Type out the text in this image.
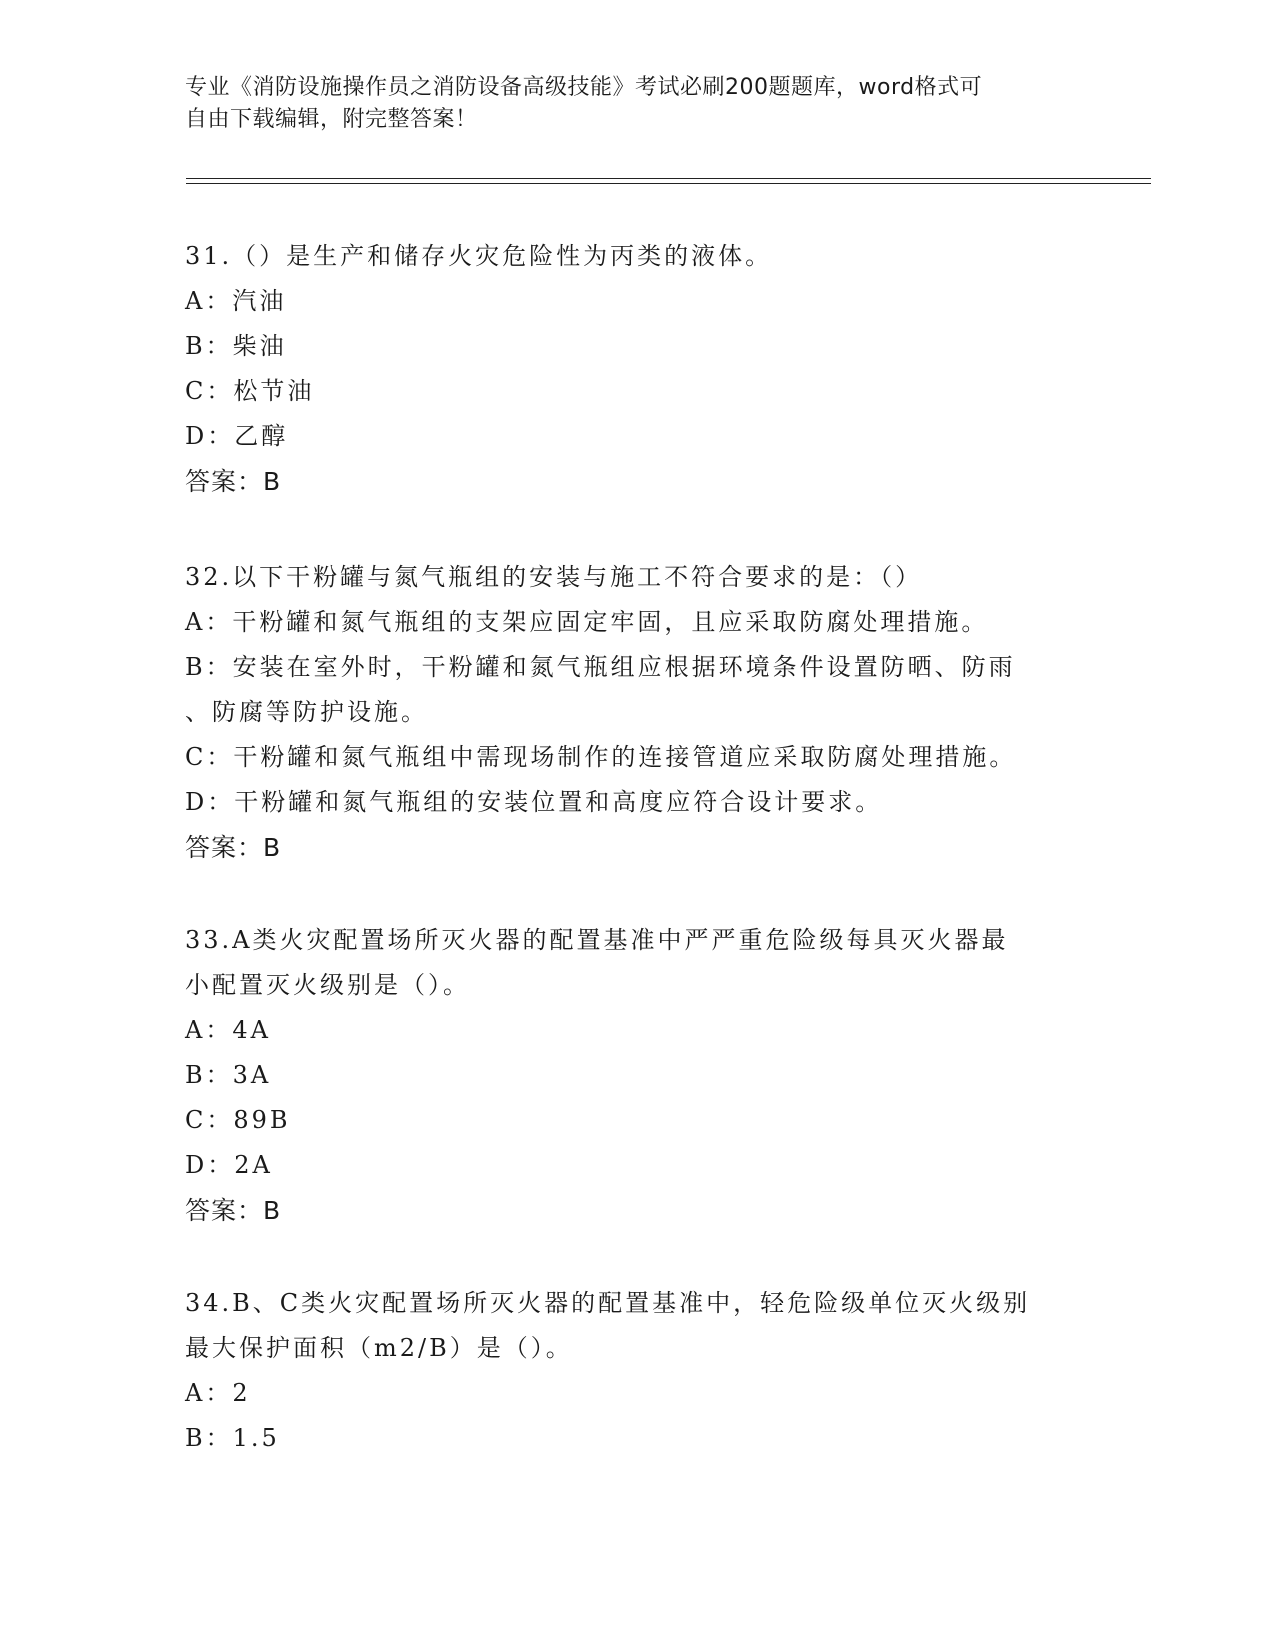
专业《消防设施操作员之消防设备高级技能》考试必刷200题题库，word格式可
自由下载编辑，附完整答案！
31.（）是生产和储存火灾危险性为丙类的液体。
A：汽油
B：柴油
C：松节油
D：乙醇
答案：B
32.以下干粉罐与氮气瓶组的安装与施工不符合要求的是：（）
A：干粉罐和氮气瓶组的支架应固定牢固，且应采取防腐处理措施。
B：安装在室外时，干粉罐和氮气瓶组应根据环境条件设置防晒、防雨
、防腐等防护设施。
C：干粉罐和氮气瓶组中需现场制作的连接管道应采取防腐处理措施。
D：干粉罐和氮气瓶组的安装位置和高度应符合设计要求。
答案：B
33.A类火灾配置场所灭火器的配置基准中严严重危险级每具灭火器最
小配置灭火级别是（）。
A：4A
B：3A
C：89B
D：2A
答案：B
34.B、C类火灾配置场所灭火器的配置基准中，轻危险级单位灭火级别
最大保护面积（m2/B）是（）。
A：2
B：1.5
